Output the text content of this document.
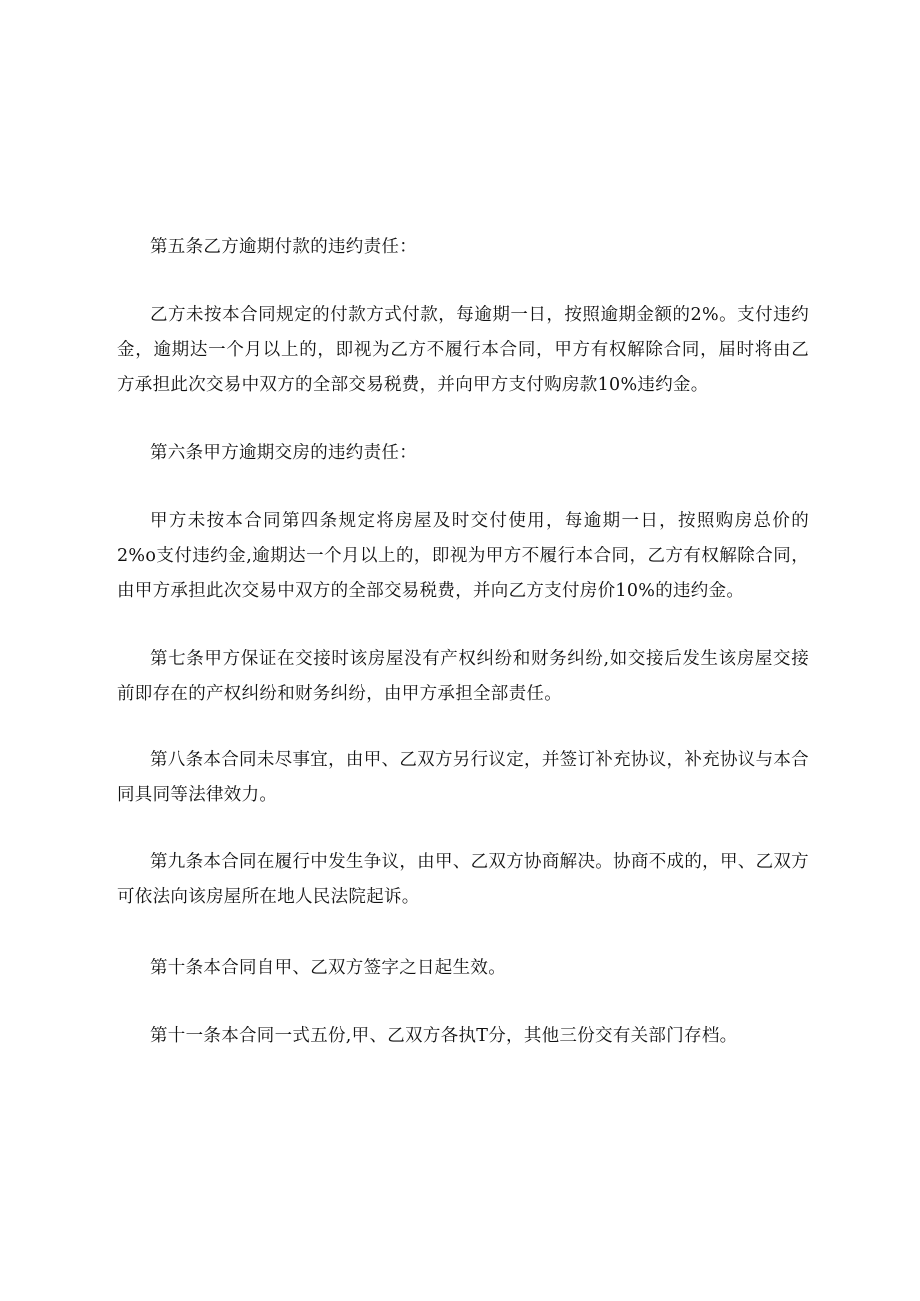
第五条乙方逾期付款的违约责任：
乙方未按本合同规定的付款方式付款，每逾期一日，按照逾期金额的2%。支付违约金，逾期达一个月以上的，即视为乙方不履行本合同，甲方有权解除合同，届时将由乙方承担此次交易中双方的全部交易税费，并向甲方支付购房款10%违约金。
第六条甲方逾期交房的违约责任：
甲方未按本合同第四条规定将房屋及时交付使用，每逾期一日，按照购房总价的2%o支付违约金,逾期达一个月以上的，即视为甲方不履行本合同，乙方有权解除合同，由甲方承担此次交易中双方的全部交易税费，并向乙方支付房价10%的违约金。
第七条甲方保证在交接时该房屋没有产权纠纷和财务纠纷,如交接后发生该房屋交接前即存在的产权纠纷和财务纠纷，由甲方承担全部责任。
第八条本合同未尽事宜，由甲、乙双方另行议定，并签订补充协议，补充协议与本合同具同等法律效力。
第九条本合同在履行中发生争议，由甲、乙双方协商解决。协商不成的，甲、乙双方可依法向该房屋所在地人民法院起诉。
第十条本合同自甲、乙双方签字之日起生效。
第十一条本合同一式五份,甲、乙双方各执T分，其他三份交有关部门存档。
